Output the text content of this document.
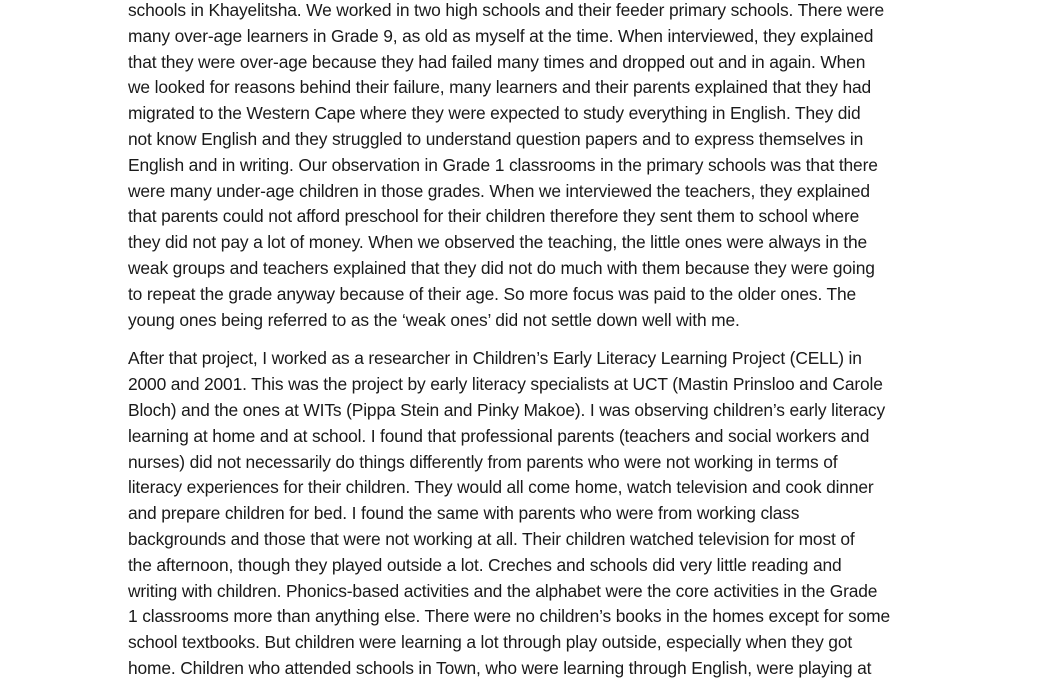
schools in Khayelitsha. We worked in two high schools and their feeder primary schools. There were
many over-age learners in Grade 9, as old as myself at the time. When interviewed, they explained
that they were over-age because they had failed many times and dropped out and in again. When
we looked for reasons behind their failure, many learners and their parents explained that they had
migrated to the Western Cape where they were expected to study everything in English. They did
not know English and they struggled to understand question papers and to express themselves in
English and in writing. Our observation in Grade 1 classrooms in the primary schools was that there
were many under-age children in those grades. When we interviewed the teachers, they explained
that parents could not afford preschool for their children therefore they sent them to school where
they did not pay a lot of money. When we observed the teaching, the little ones were always in the
weak groups and teachers explained that they did not do much with them because they were going
to repeat the grade anyway because of their age. So more focus was paid to the older ones. The
young ones being referred to as the ‘weak ones’ did not settle down well with me.
After that project, I worked as a researcher in Children’s Early Literacy Learning Project (CELL) in
2000 and 2001. This was the project by early literacy specialists at UCT (Mastin Prinsloo and Carole
Bloch) and the ones at WITs (Pippa Stein and Pinky Makoe). I was observing children’s early literacy
learning at home and at school. I found that professional parents (teachers and social workers and
nurses) did not necessarily do things differently from parents who were not working in terms of
literacy experiences for their children. They would all come home, watch television and cook dinner
and prepare children for bed. I found the same with parents who were from working class
backgrounds and those that were not working at all. Their children watched television for most of
the afternoon, though they played outside a lot. Creches and schools did very little reading and
writing with children. Phonics-based activities and the alphabet were the core activities in the Grade
1 classrooms more than anything else. There were no children’s books in the homes except for some
school textbooks. But children were learning a lot through play outside, especially when they got
home. Children who attended schools in Town, who were learning through English, were playing at
